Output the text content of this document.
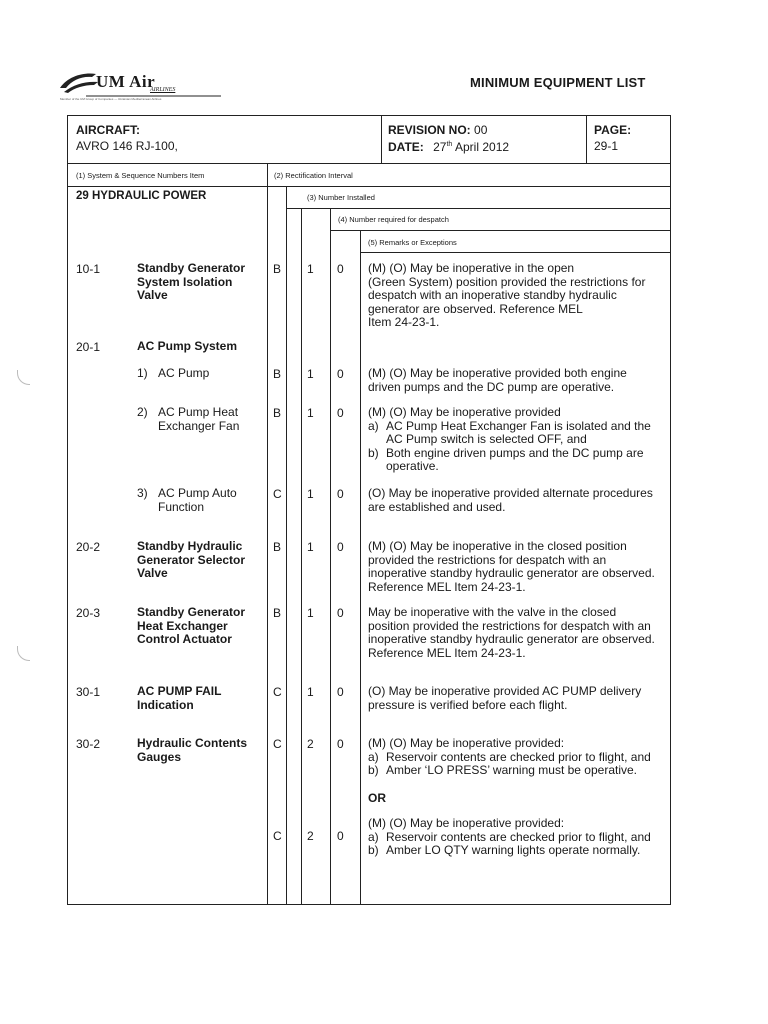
UM Air
AIRLINES
Member of the UM Group of Companies — Ukrainian Mediterranean Airlines
MINIMUM EQUIPMENT LIST
AIRCRAFT:
AVRO 146 RJ-100,
REVISION NO: 00
DATE: 27th April 2012
PAGE:
29-1
(1) System & Sequence Numbers Item	(2) Rectification Interval
(3) Number Installed
(4) Number required for despatch
(5) Remarks or Exceptions
29 HYDRAULIC POWER
10-1	Standby Generator
System Isolation
Valve
B 1 0 (M) (O) May be inoperative in the open
(Green System) position provided the restrictions for
despatch with an inoperative standby hydraulic
generator are observed. Reference MEL
Item 24-23-1.
20-1	AC Pump System
1) AC Pump	B 1 0 (M) (O) May be inoperative provided both engine
driven pumps and the DC pump are operative.
2) AC Pump Heat
Exchanger Fan
B 1 0 (M) (O) May be inoperative provided
a) AC Pump Heat Exchanger Fan is isolated and the
AC Pump switch is selected OFF, and
b) Both engine driven pumps and the DC pump are
operative.
3) AC Pump Auto
Function
C 1 0 (O) May be inoperative provided alternate procedures
are established and used.
20-2	Standby Hydraulic
Generator Selector
Valve
B 1 0 (M) (O) May be inoperative in the closed position
provided the restrictions for despatch with an
inoperative standby hydraulic generator are observed.
Reference MEL Item 24-23-1.
20-3	Standby Generator
Heat Exchanger
Control Actuator
B 1 0 May be inoperative with the valve in the closed
position provided the restrictions for despatch with an
inoperative standby hydraulic generator are observed.
Reference MEL Item 24-23-1.
30-1	AC PUMP FAIL
Indication
C 1 0 (O) May be inoperative provided AC PUMP delivery
pressure is verified before each flight.
30-2	Hydraulic Contents
Gauges
C 2 0 (M) (O) May be inoperative provided:
a) Reservoir contents are checked prior to flight, and
b) Amber ‘LO PRESS’ warning must be operative.
OR
C 2 0
(M) (O) May be inoperative provided:
a) Reservoir contents are checked prior to flight, and
b) Amber LO QTY warning lights operate normally.
